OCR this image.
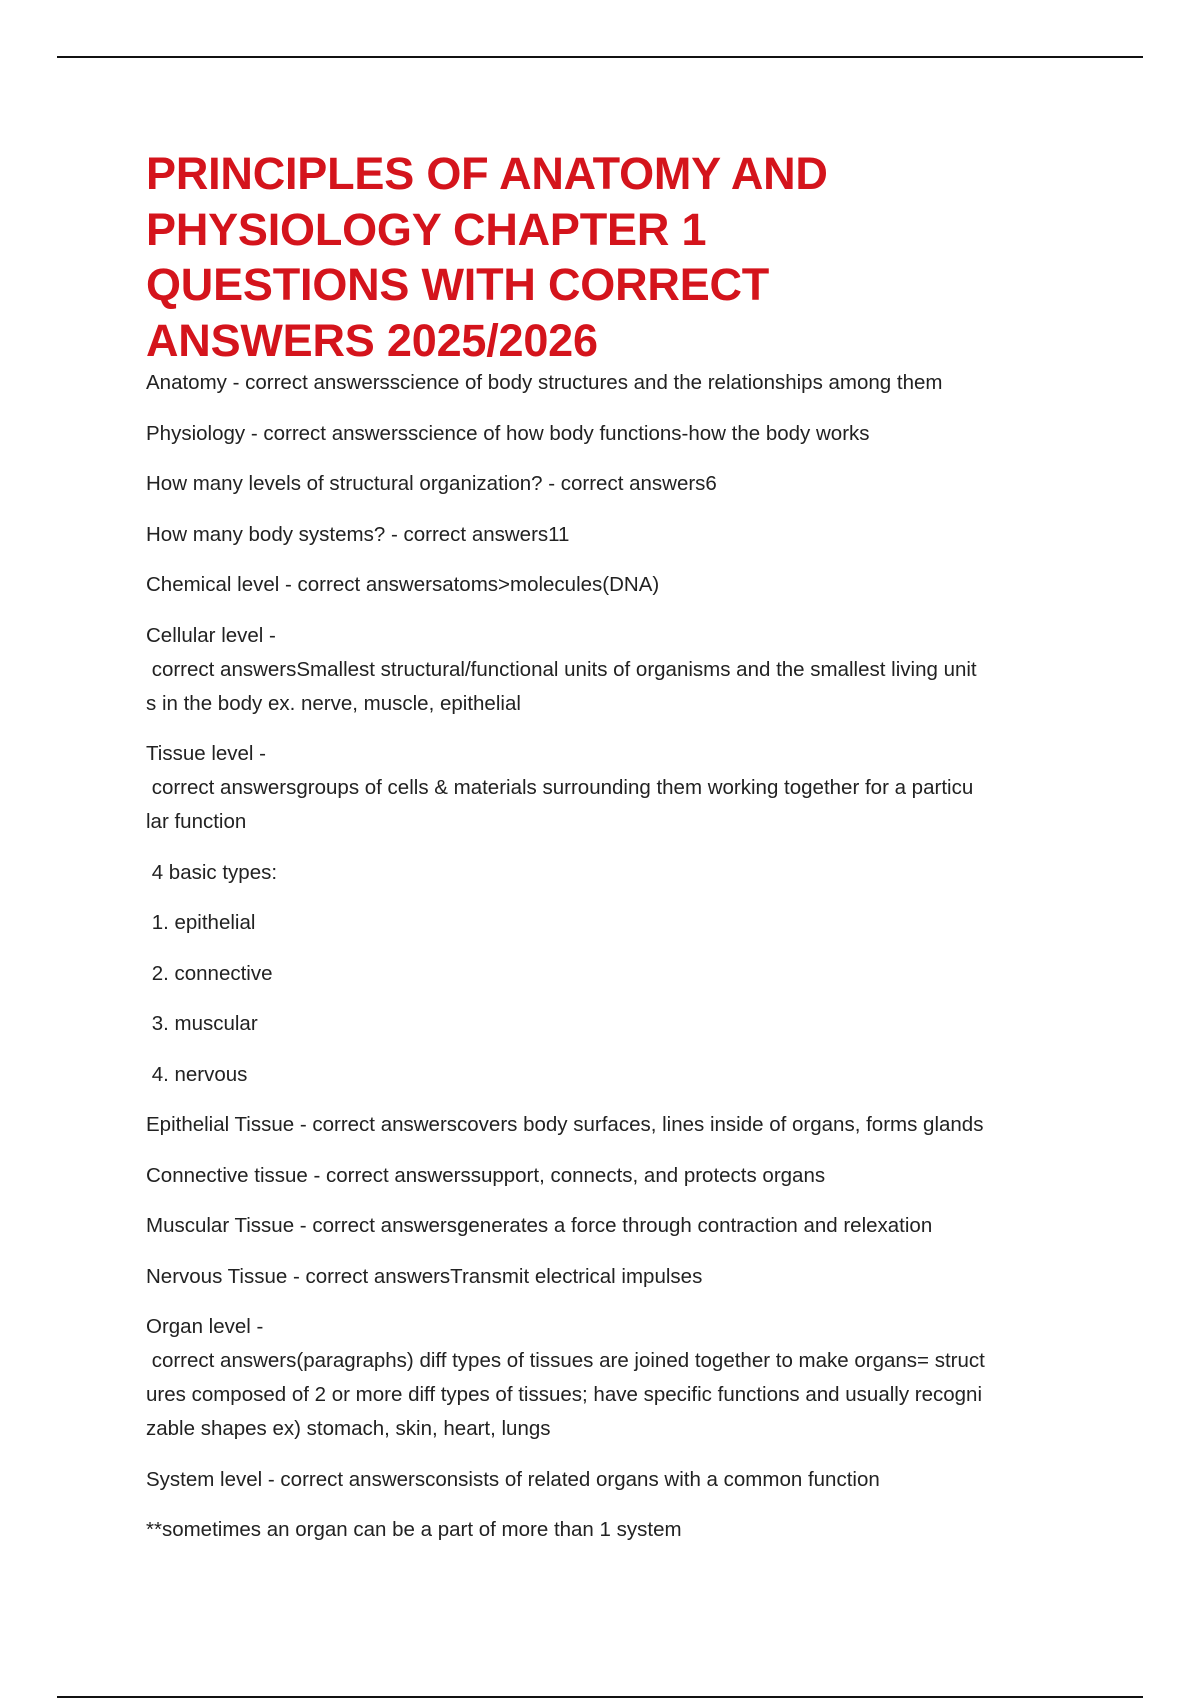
PRINCIPLES OF ANATOMY AND
PHYSIOLOGY CHAPTER 1
QUESTIONS WITH CORRECT
ANSWERS 2025/2026

Anatomy - correct answersscience of body structures and the relationships among them

Physiology - correct answersscience of how body functions-how the body works

How many levels of structural organization? - correct answers6

How many body systems? - correct answers11

Chemical level - correct answersatoms>molecules(DNA)

Cellular level -
correct answersSmallest structural/functional units of organisms and the smallest living unit
s in the body ex. nerve, muscle, epithelial

Tissue level -
correct answersgroups of cells & materials surrounding them working together for a particu
lar function

4 basic types:

1. epithelial

2. connective

3. muscular

4. nervous

Epithelial Tissue - correct answerscovers body surfaces, lines inside of organs, forms glands

Connective tissue - correct answerssupport, connects, and protects organs

Muscular Tissue - correct answersgenerates a force through contraction and relexation

Nervous Tissue - correct answersTransmit electrical impulses

Organ level -
correct answers(paragraphs) diff types of tissues are joined together to make organs= struct
ures composed of 2 or more diff types of tissues; have specific functions and usually recogni
zable shapes ex) stomach, skin, heart, lungs

System level - correct answersconsists of related organs with a common function

**sometimes an organ can be a part of more than 1 system
